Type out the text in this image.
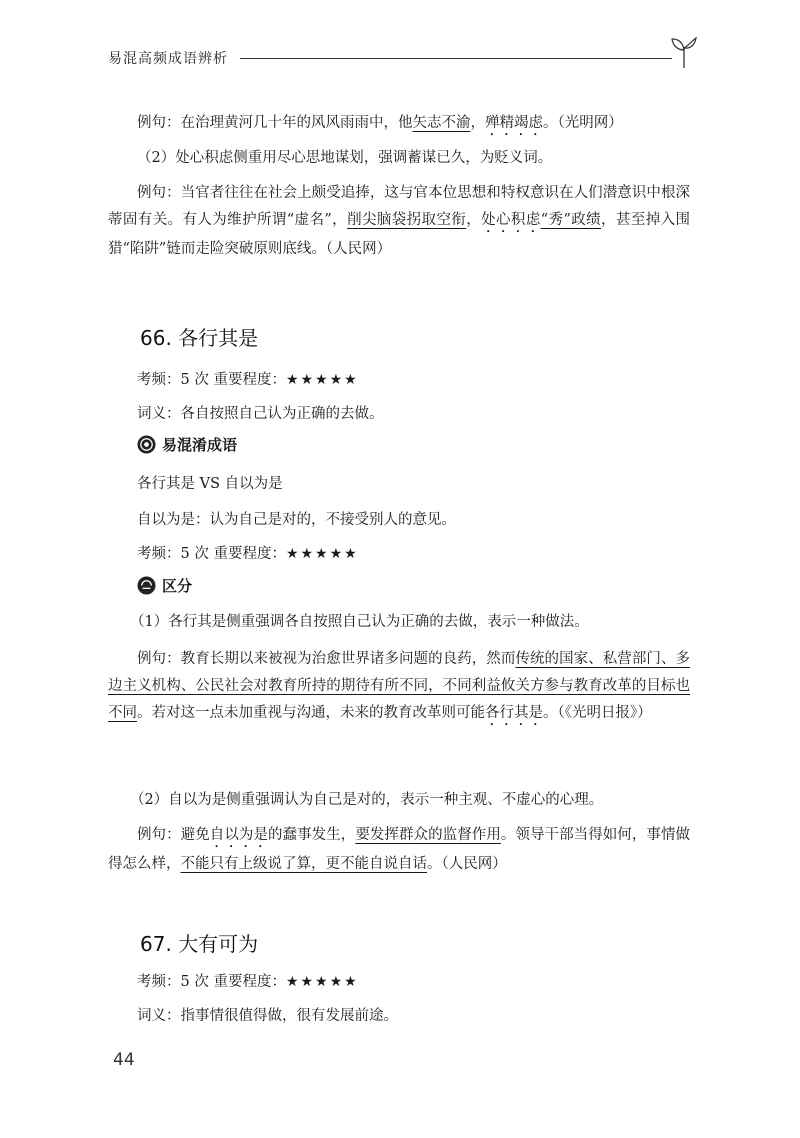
易混高频成语辨析

例句：在治理黄河几十年的风风雨雨中，他矢志不渝，殚精竭虑。（光明网）

（2）处心积虑侧重用尽心思地谋划，强调蓄谋已久，为贬义词。

例句：当官者往往在社会上颇受追捧，这与官本位思想和特权意识在人们潜意识中根深蒂固有关。有人为维护所谓“虚名”，削尖脑袋拐取空衔，处心积虑“秀”政绩，甚至掉入围猎“陷阱”链而走险突破原则底线。（人民网）

66. 各行其是
考频：5 次 重要程度：★★★★★
词义：各自按照自己认为正确的去做。
易混淆成语
各行其是 VS 自以为是
自以为是：认为自己是对的，不接受别人的意见。
考频：5 次 重要程度：★★★★★
区分

（1）各行其是侧重强调各自按照自己认为正确的去做，表示一种做法。

例句：教育长期以来被视为治愈世界诸多问题的良药，然而传统的国家、私营部门、多边主义机构、公民社会对教育所持的期待有所不同，不同利益攸关方参与教育改革的目标也不同。若对这一点未加重视与沟通，未来的教育改革则可能各行其是。（《光明日报》）

（2）自以为是侧重强调认为自己是对的，表示一种主观、不虚心的心理。

例句：避免自以为是的蠢事发生，要发挥群众的监督作用。领导干部当得如何，事情做得怎么样，不能只有上级说了算，更不能自说自话。（人民网）

67. 大有可为
考频：5 次 重要程度：★★★★★
词义：指事情很值得做，很有发展前途。
44
